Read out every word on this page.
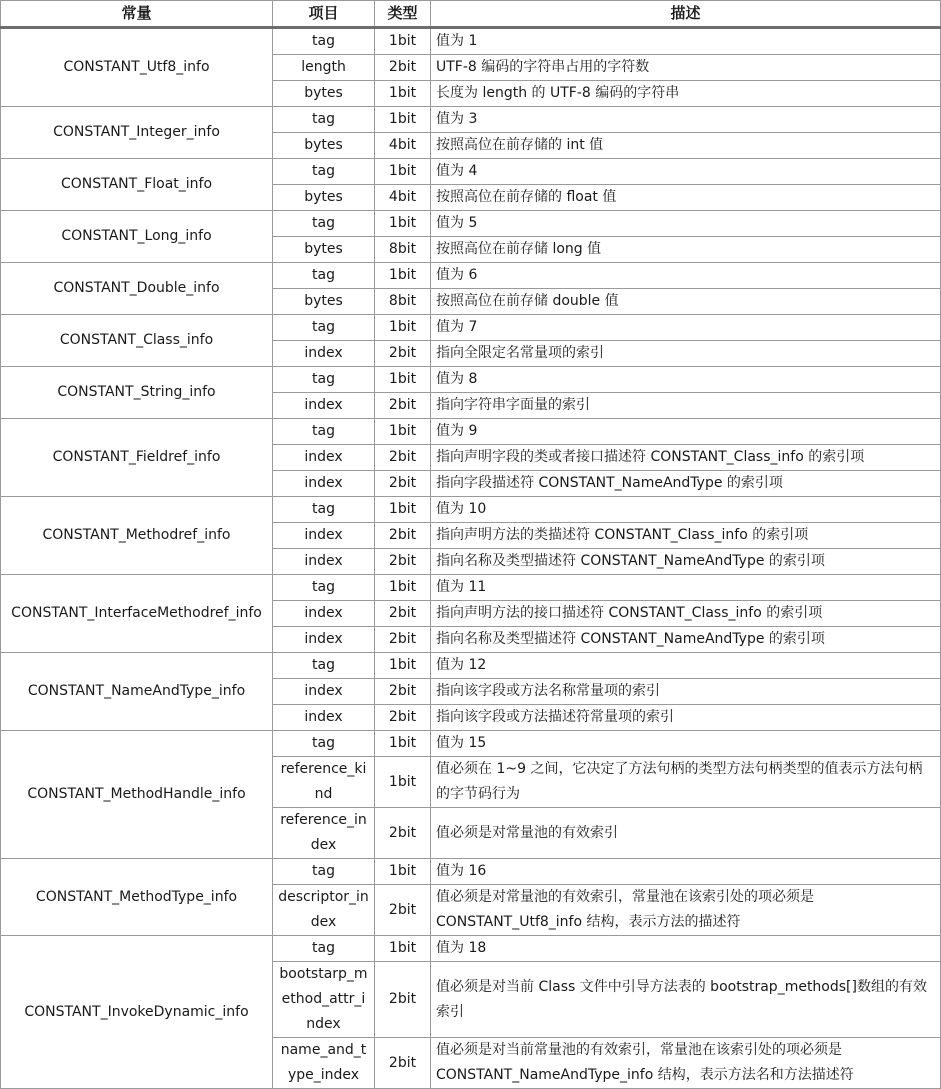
常量	项目	类型	描述
CONSTANT_Utf8_info	tag	1bit	值为 1
	length	2bit	UTF-8 编码的字符串占用的字符数
	bytes	1bit	长度为 length 的 UTF-8 编码的字符串
CONSTANT_Integer_info	tag	1bit	值为 3
	bytes	4bit	按照高位在前存储的 int 值
CONSTANT_Float_info	tag	1bit	值为 4
	bytes	4bit	按照高位在前存储的 float 值
CONSTANT_Long_info	tag	1bit	值为 5
	bytes	8bit	按照高位在前存储 long 值
CONSTANT_Double_info	tag	1bit	值为 6
	bytes	8bit	按照高位在前存储 double 值
CONSTANT_Class_info	tag	1bit	值为 7
	index	2bit	指向全限定名常量项的索引
CONSTANT_String_info	tag	1bit	值为 8
	index	2bit	指向字符串字面量的索引
CONSTANT_Fieldref_info	tag	1bit	值为 9
	index	2bit	指向声明字段的类或者接口描述符 CONSTANT_Class_info 的索引项
	index	2bit	指向字段描述符 CONSTANT_NameAndType 的索引项
CONSTANT_Methodref_info	tag	1bit	值为 10
	index	2bit	指向声明方法的类描述符 CONSTANT_Class_info 的索引项
	index	2bit	指向名称及类型描述符 CONSTANT_NameAndType 的索引项
CONSTANT_InterfaceMethodref_info	tag	1bit	值为 11
	index	2bit	指向声明方法的接口描述符 CONSTANT_Class_info 的索引项
	index	2bit	指向名称及类型描述符 CONSTANT_NameAndType 的索引项
CONSTANT_NameAndType_info	tag	1bit	值为 12
	index	2bit	指向该字段或方法名称常量项的索引
	index	2bit	指向该字段或方法描述符常量项的索引
CONSTANT_MethodHandle_info	tag	1bit	值为 15
	reference_kind	1bit	值必须在 1~9 之间，它决定了方法句柄的类型方法句柄类型的值表示方法句柄的字节码行为
	reference_index	2bit	值必须是对常量池的有效索引
CONSTANT_MethodType_info	tag	1bit	值为 16
	descriptor_index	2bit	值必须是对常量池的有效索引，常量池在该索引处的项必须是 CONSTANT_Utf8_info 结构，表示方法的描述符
CONSTANT_InvokeDynamic_info	tag	1bit	值为 18
	bootstarp_method_attr_index	2bit	值必须是对当前 Class 文件中引导方法表的 bootstrap_methods[]数组的有效索引
	name_and_type_index	2bit	值必须是对当前常量池的有效索引，常量池在该索引处的项必须是 CONSTANT_NameAndType_info 结构，表示方法名和方法描述符
